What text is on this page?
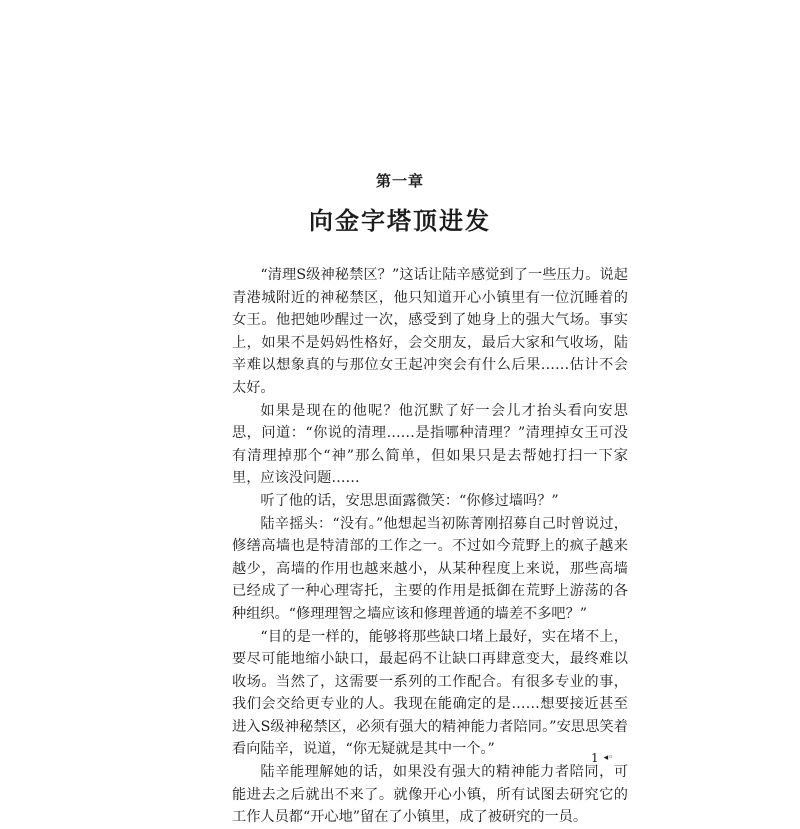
第一章
向金字塔顶进发

“清理S级神秘禁区？”这话让陆辛感觉到了一些压力。说起青港城附近的神秘禁区，他只知道开心小镇里有一位沉睡着的女王。他把她吵醒过一次，感受到了她身上的强大气场。事实上，如果不是妈妈性格好，会交朋友，最后大家和气收场，陆辛难以想象真的与那位女王起冲突会有什么后果……估计不会太好。

如果是现在的他呢？他沉默了好一会儿才抬头看向安思思，问道：“你说的清理……是指哪种清理？”清理掉女王可没有清理掉那个“神”那么简单，但如果只是去帮她打扫一下家里，应该没问题……

听了他的话，安思思面露微笑：“你修过墙吗？”

陆辛摇头：“没有。”他想起当初陈菁刚招募自己时曾说过，修缮高墙也是特清部的工作之一。不过如今荒野上的疯子越来越少，高墙的作用也越来越小，从某种程度上来说，那些高墙已经成了一种心理寄托，主要的作用是抵御在荒野上游荡的各种组织。“修理理智之墙应该和修理普通的墙差不多吧？”

“目的是一样的，能够将那些缺口堵上最好，实在堵不上，要尽可能地缩小缺口，最起码不让缺口再肆意变大，最终难以收场。当然了，这需要一系列的工作配合。有很多专业的事，我们会交给更专业的人。我现在能确定的是……想要接近甚至进入S级神秘禁区，必须有强大的精神能力者陪同。”安思思笑着看向陆辛，说道，“你无疑就是其中一个。”

陆辛能理解她的话，如果没有强大的精神能力者陪同，可能进去之后就出不来了。就像开心小镇，所有试图去研究它的工作人员都“开心地”留在了小镇里，成了被研究的一员。

1 ◂◦
